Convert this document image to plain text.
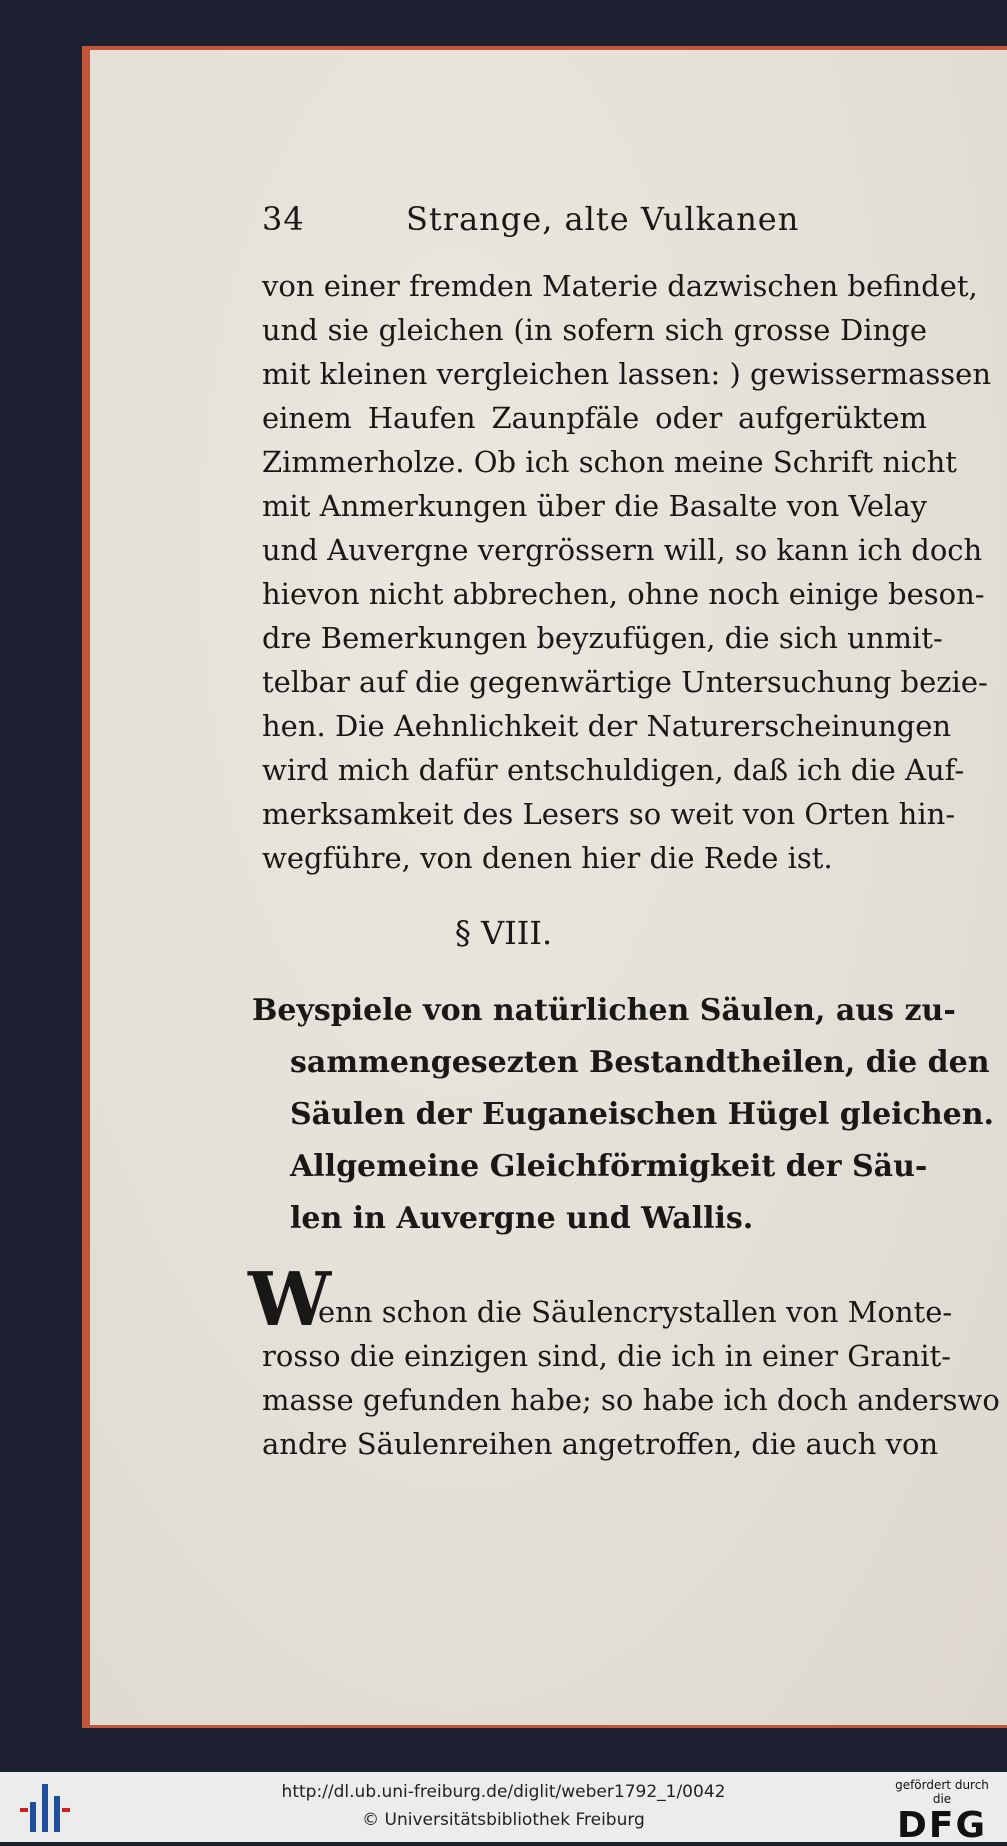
34	Strange, alte Vulkanen
von einer fremden Materie dazwischen befindet,
und sie gleichen (in sofern sich grosse Dinge
mit kleinen vergleichen lassen: ) gewissermassen
einem Haufen Zaunpfäle oder aufgerüktem
Zimmerholze. Ob ich schon meine Schrift nicht
mit Anmerkungen über die Basalte von Velay
und Auvergne vergrössern will, so kann ich doch
hievon nicht abbrechen, ohne noch einige beson-
dre Bemerkungen beyzufügen, die sich unmit-
telbar auf die gegenwärtige Untersuchung bezie-
hen. Die Aehnlichkeit der Naturerscheinungen
wird mich dafür entschuldigen, daß ich die Auf-
merksamkeit des Lesers so weit von Orten hin-
wegführe, von denen hier die Rede ist.
§ VIII.
Beyspiele von natürlichen Säulen, aus zu-
sammengesezten Bestandtheilen, die den
Säulen der Euganeischen Hügel gleichen.
Allgemeine Gleichförmigkeit der Säu-
len in Auvergne und Wallis.
W
enn schon die Säulencrystallen von Monte-
rosso die einzigen sind, die ich in einer Granit-
masse gefunden habe; so habe ich doch anderswo
andre Säulenreihen angetroffen, die auch von
http://dl.ub.uni-freiburg.de/diglit/weber1792_1/0042
© Universitätsbibliothek Freiburg
gefördert durch die
DFG
